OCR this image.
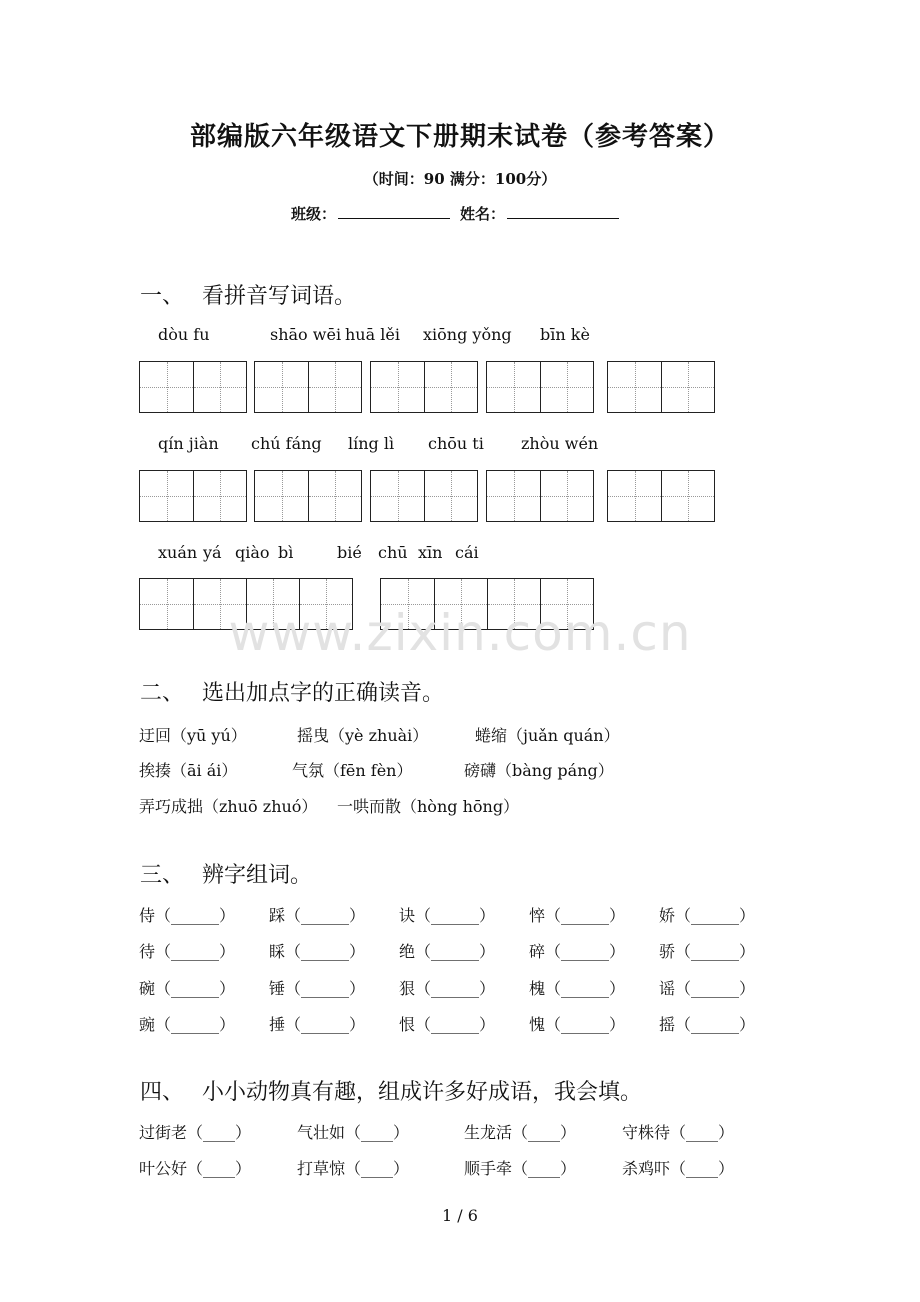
部编版六年级语文下册期末试卷（参考答案）
（时间：90 满分：100分）
班级：	姓名：
一、 看拼音写词语。
dòu fu	shāo wēi huā lěi xiōng yǒng bīn kè
qín jiàn chú fáng líng lì chōu ti zhòu wén
xuán yá qiào bì	bié chū xīn cái
www.zixin.com.cn
二、 选出加点字的正确读音。
迂回（yū yú）	摇曳（yè zhuài）	蜷缩（juǎn quán）
挨揍（āi ái）	气氛（fēn fèn）	磅礴（bàng páng）
弄巧成拙（zhuō zhuó） 一哄而散（hòng hōng）
三、 辨字组词。
侍（______） 踩（______） 诀（______） 悴（______） 娇（______）
待（______） 睬（______） 绝（______） 碎（______） 骄（______）
碗（______） 锤（______） 狠（______） 槐（______） 谣（______）
豌（______） 捶（______） 恨（______） 愧（______） 摇（______）
四、 小小动物真有趣，组成许多好成语，我会填。
过街老（____）	气壮如（____）	生龙活（____）	守株待（____）
叶公好（____）	打草惊（____）	顺手牵（____）	杀鸡吓（____）
1 / 6
